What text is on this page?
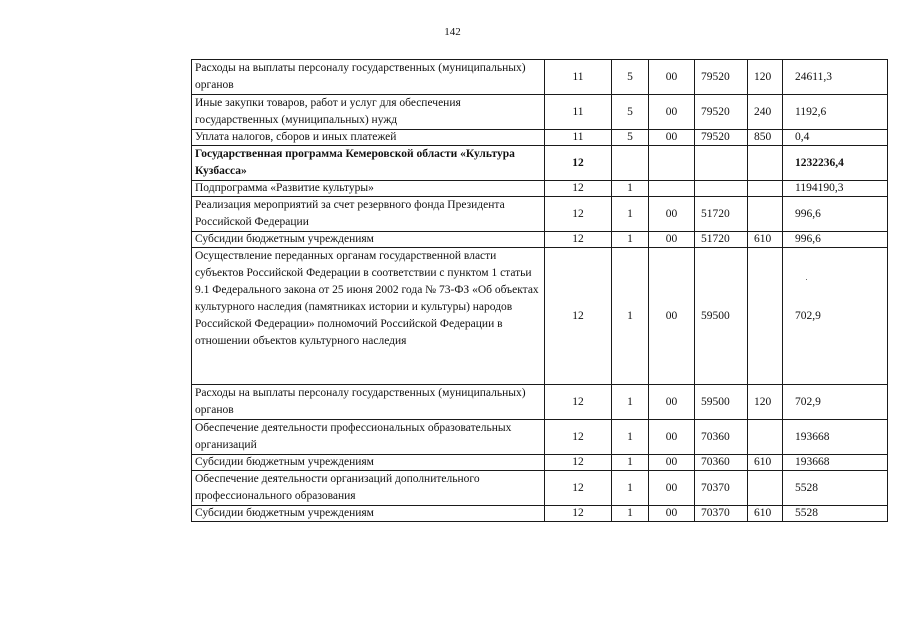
142
Расходы на выплаты персоналу государственных (муниципальных) органов	11	5	00	79520	120	24611,3
Иные закупки товаров, работ и услуг для обеспечения государственных (муниципальных) нужд	11	5	00	79520	240	1192,6
Уплата налогов, сборов и иных платежей	11	5	00	79520	850	0,4
Государственная программа Кемеровской области «Культура Кузбасса»	12					1232236,4
Подпрограмма «Развитие культуры»	12	1				1194190,3
Реализация мероприятий за счет резервного фонда Президента Российской Федерации	12	1	00	51720		996,6
Субсидии бюджетным учреждениям	12	1	00	51720	610	996,6
Осуществление переданных органам государственной власти субъектов Российской Федерации в соответствии с пунктом 1 статьи 9.1 Федерального закона от 25 июня 2002 года № 73-ФЗ «Об объектах культурного наследия (памятниках истории и культуры) народов Российской Федерации» полномочий Российской Федерации в отношении объектов культурного наследия	12	1	00	59500		702,9
Расходы на выплаты персоналу государственных (муниципальных) органов	12	1	00	59500	120	702,9
Обеспечение деятельности профессиональных образовательных организаций	12	1	00	70360		193668
Субсидии бюджетным учреждениям	12	1	00	70360	610	193668
Обеспечение деятельности организаций дополнительного профессионального образования	12	1	00	70370		5528
Субсидии бюджетным учреждениям	12	1	00	70370	610	5528
